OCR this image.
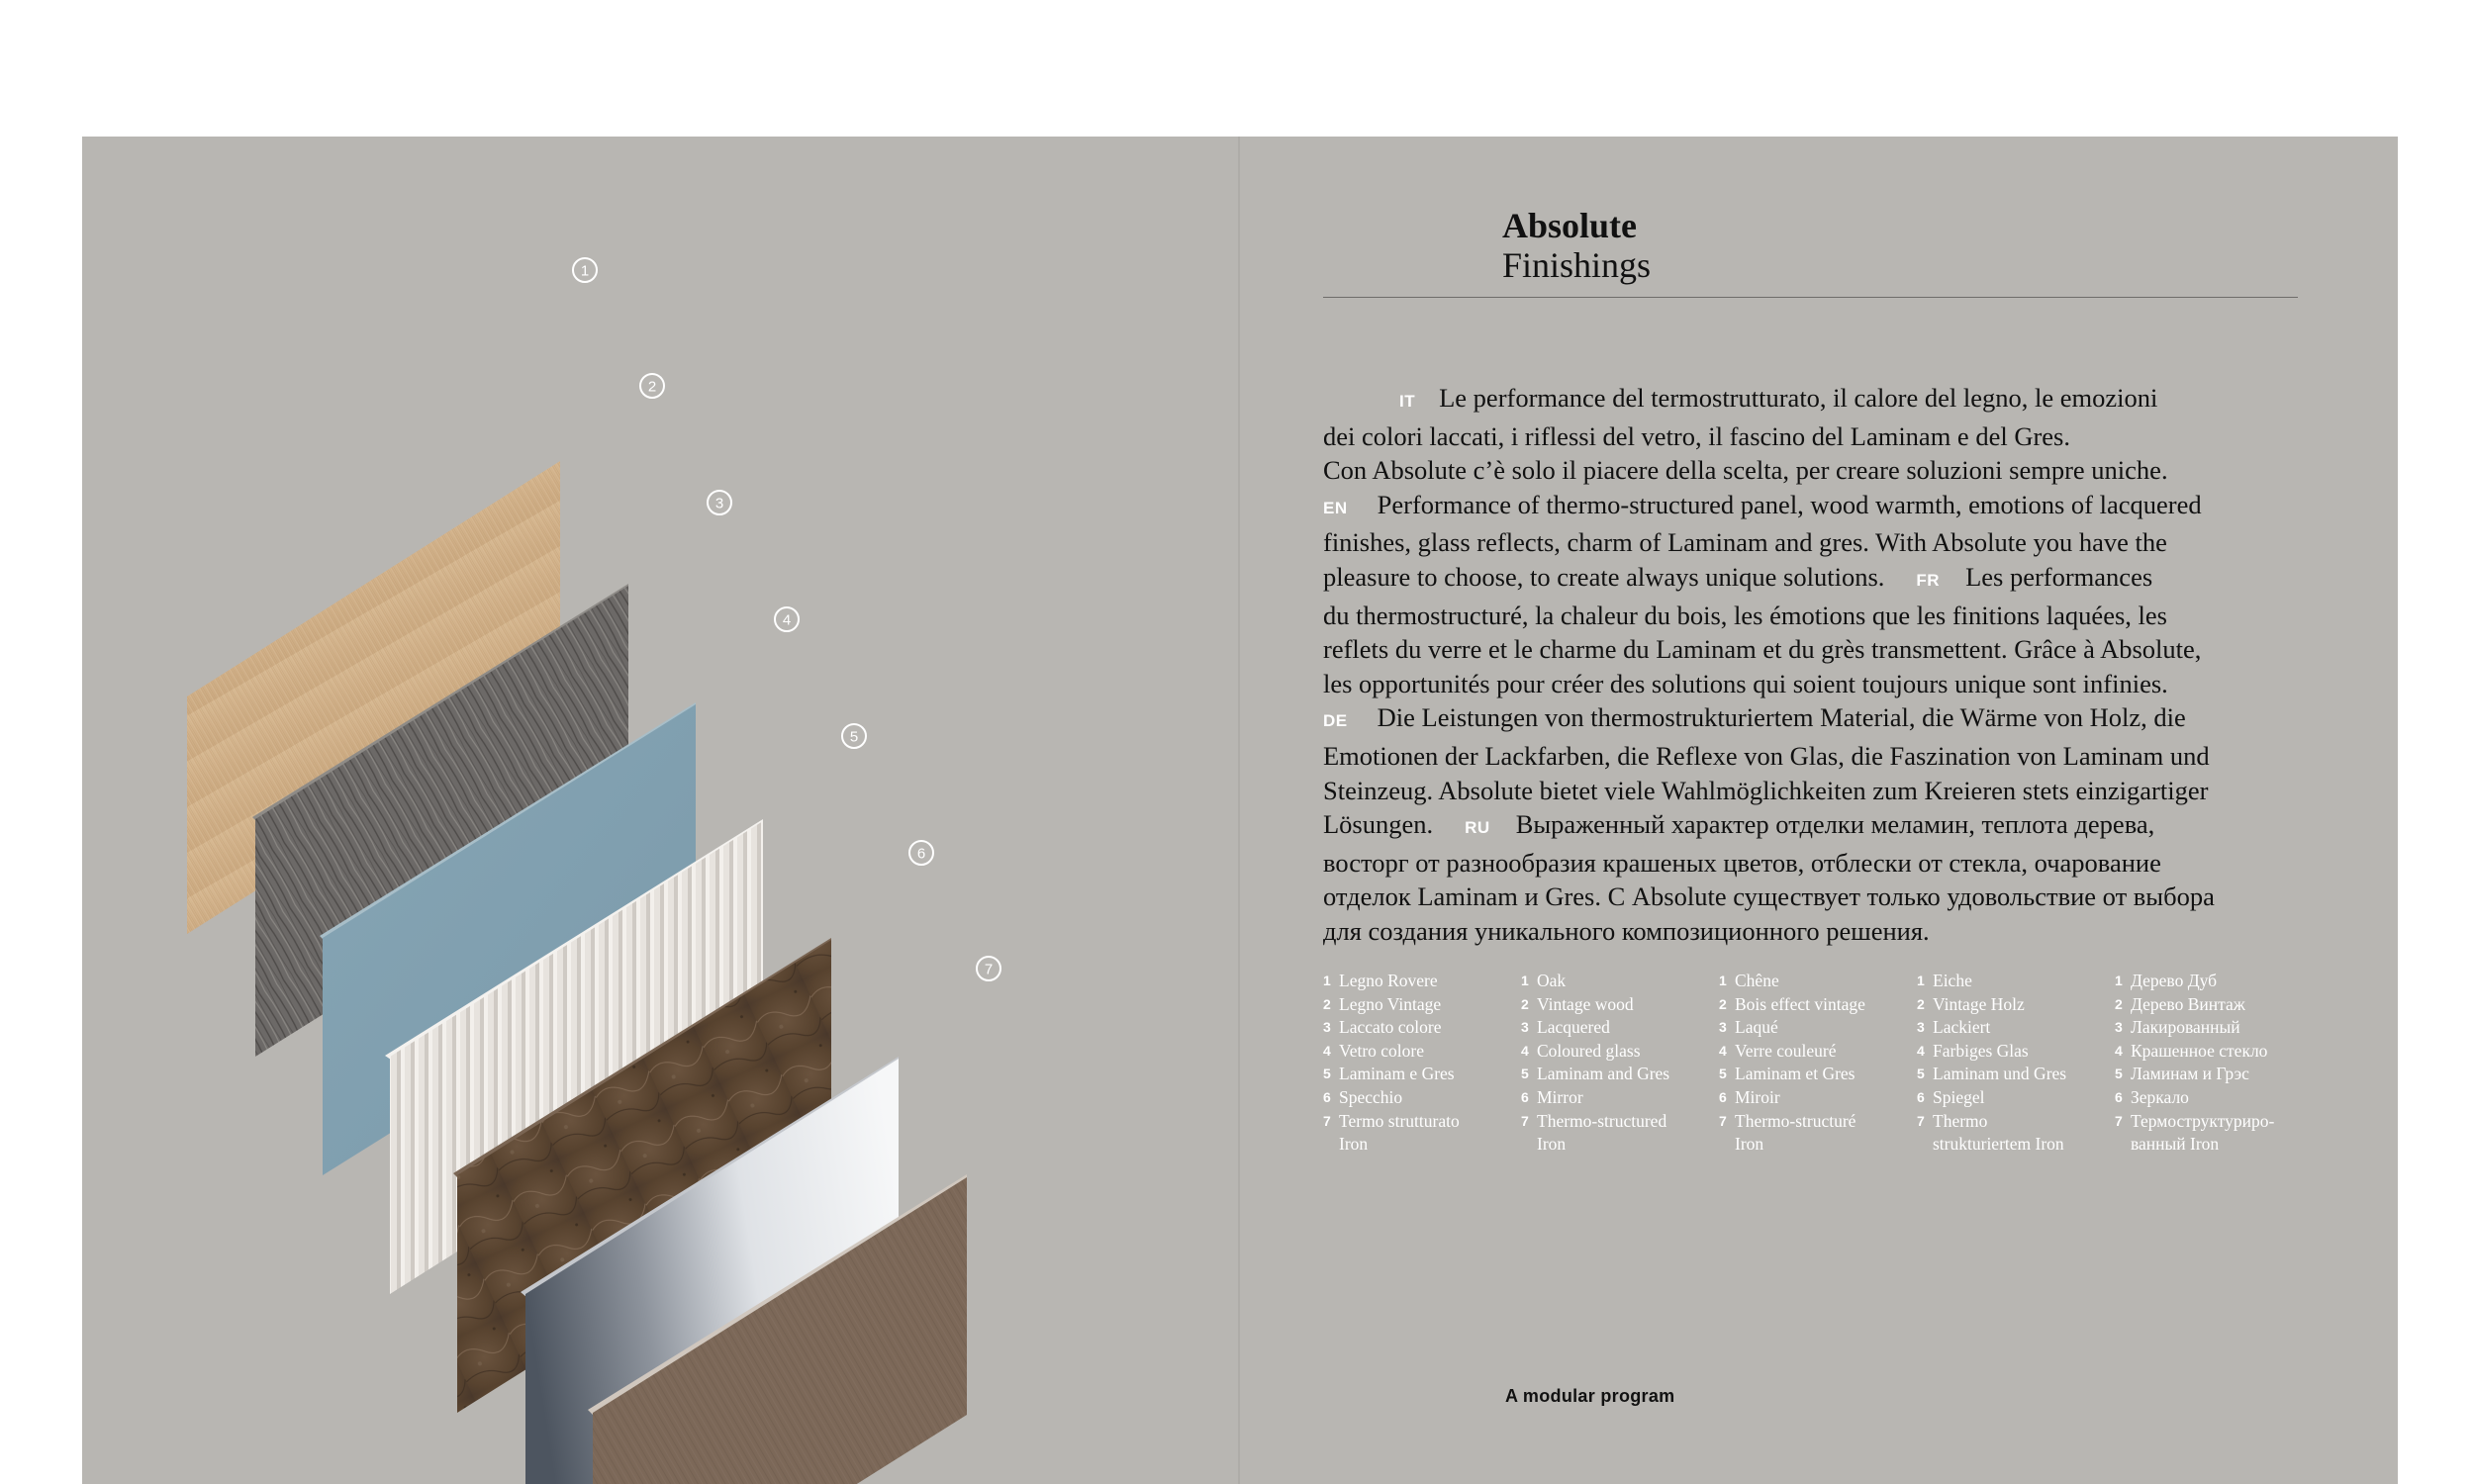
1
2
3
4
5
6
7
Absolute
Finishings
IT Le performance del termostrutturato, il calore del legno, le emozioni
dei colori laccati, i riflessi del vetro, il fascino del Laminam e del Gres.
Con Absolute c’è solo il piacere della scelta, per creare soluzioni sempre uniche.
EN Performance of thermo-structured panel, wood warmth, emotions of lacquered
finishes, glass reflects, charm of Laminam and gres. With Absolute you have the
pleasure to choose, to create always unique solutions. FR Les performances
du thermostructuré, la chaleur du bois, les émotions que les finitions laquées, les
reflets du verre et le charme du Laminam et du grès transmettent. Grâce à Absolute,
les opportunités pour créer des solutions qui soient toujours unique sont infinies.
DE Die Leistungen von thermostrukturiertem Material, die Wärme von Holz, die
Emotionen der Lackfarben, die Reflexe von Glas, die Faszination von Laminam und
Steinzeug. Absolute bietet viele Wahlmöglichkeiten zum Kreieren stets einzigartiger
Lösungen. RU Выраженный характер отделки меламин, теплота дерева,
восторг от разнообразия крашеных цветов, отблески от стекла, очарование
отделок Laminam и Gres. С Absolute существует только удовольствие от выбора
для создания уникального композиционного решения.
1 Legno Rovere
2 Legno Vintage
3 Laccato colore
4 Vetro colore
5 Laminam e Gres
6 Specchio
7 Termo strutturato
Iron
1 Oak
2 Vintage wood
3 Lacquered
4 Coloured glass
5 Laminam and Gres
6 Mirror
7 Thermo-structured
Iron
1 Chêne
2 Bois effect vintage
3 Laqué
4 Verre couleuré
5 Laminam et Gres
6 Miroir
7 Thermo-structuré
Iron
1 Eiche
2 Vintage Holz
3 Lackiert
4 Farbiges Glas
5 Laminam und Gres
6 Spiegel
7 Thermo
strukturiertem Iron
1 Дерево Дуб
2 Дерево Винтаж
3 Лакированный
4 Крашенное стекло
5 Ламинам и Грэс
6 Зеркало
7 Термоструктуриро-
ванный Iron
A modular program
